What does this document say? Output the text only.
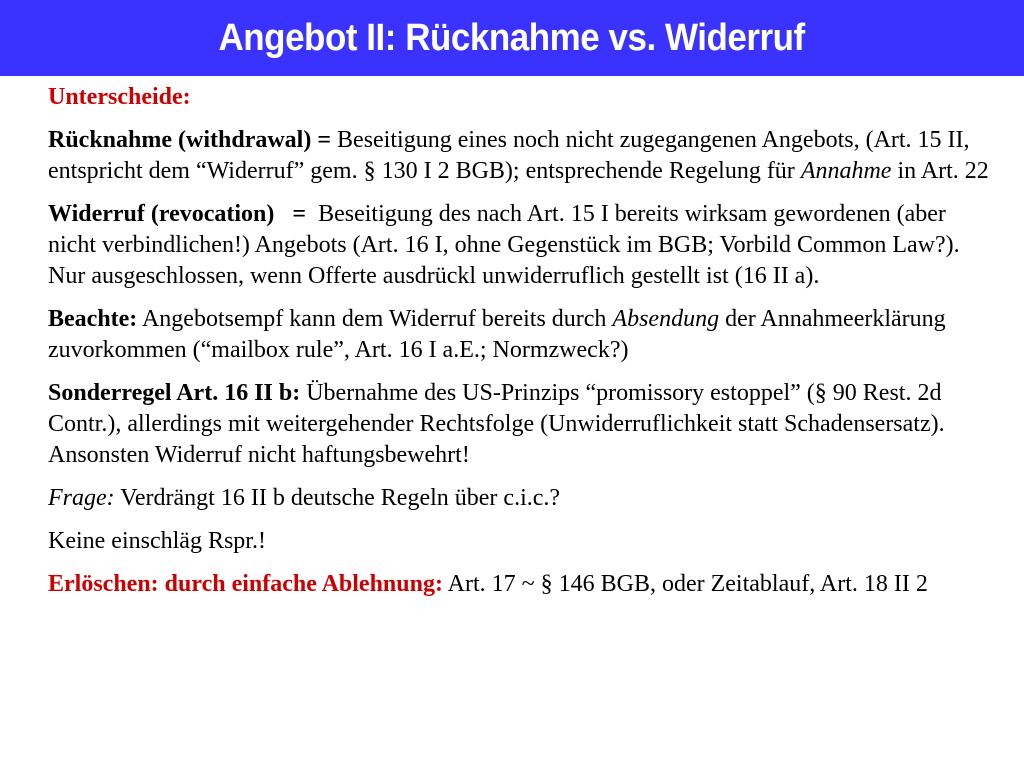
Angebot II: Rücknahme vs. Widerruf
Unterscheide:
Rücknahme (withdrawal) = Beseitigung eines noch nicht zugegangenen Angebots, (Art. 15 II, entspricht dem “Widerruf” gem. § 130 I 2 BGB); entsprechende Regelung für Annahme in Art. 22
Widerruf (revocation)   =  Beseitigung des nach Art. 15 I bereits wirksam gewordenen (aber nicht verbindlichen!) Angebots (Art. 16 I, ohne Gegenstück im BGB; Vorbild Common Law?). Nur ausgeschlossen, wenn Offerte ausdrückl unwiderruflich gestellt ist (16 II a).
Beachte: Angebotsempf kann dem Widerruf bereits durch Absendung der Annahmeerklärung zuvorkommen (“mailbox rule”, Art. 16 I a.E.; Normzweck?)
Sonderregel Art. 16 II b: Übernahme des US-Prinzips “promissory estoppel” (§ 90 Rest. 2d Contr.), allerdings mit weitergehender Rechtsfolge (Unwiderruflichkeit statt Schadensersatz). Ansonsten Widerruf nicht haftungsbewehrt!
Frage: Verdrängt 16 II b deutsche Regeln über c.i.c.?
Keine einschläg Rspr.!
Erlöschen: durch einfache Ablehnung: Art. 17 ~ § 146 BGB, oder Zeitablauf, Art. 18 II 2
